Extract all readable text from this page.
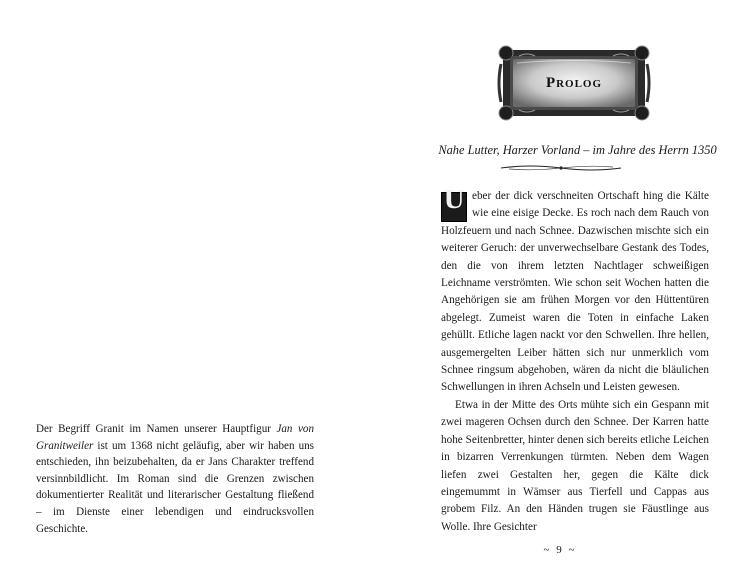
Der Begriff Granit im Namen unserer Hauptfigur Jan von Granitweiler ist um 1368 nicht geläufig, aber wir haben uns entschieden, ihn beizubehalten, da er Jans Charakter treffend versinnbildlicht. Im Roman sind die Grenzen zwischen dokumentierter Realität und literarischer Gestaltung fließend – im Dienste einer lebendigen und eindrucksvollen Geschichte.

Prolog
Nahe Lutter, Harzer Vorland – im Jahre des Herrn 1350

U eber der dick verschneiten Ortschaft hing die Kälte wie eine eisige Decke. Es roch nach dem Rauch von Holzfeuern und nach Schnee. Dazwischen mischte sich ein weiterer Geruch: der unverwechselbare Gestank des Todes, den die von ihrem letzten Nachtlager schweißigen Leichname verströmten. Wie schon seit Wochen hatten die Angehörigen sie am frühen Morgen vor den Hüttentüren abgelegt. Zumeist waren die Toten in einfache Laken gehüllt. Etliche lagen nackt vor den Schwellen. Ihre hellen, ausgemergelten Leiber hätten sich nur unmerklich vom Schnee ringsum abgehoben, wären da nicht die bläulichen Schwellungen in ihren Achseln und Leisten gewesen.

Etwa in der Mitte des Orts mühte sich ein Gespann mit zwei mageren Ochsen durch den Schnee. Der Karren hatte hohe Seitenbretter, hinter denen sich bereits etliche Leichen in bizarren Verrenkungen türmten. Neben dem Wagen liefen zwei Gestalten her, gegen die Kälte dick eingemummt in Wämser aus Tierfell und Cappas aus grobem Filz. An den Händen trugen sie Fäustlinge aus Wolle. Ihre Gesichter

~ 9 ~
